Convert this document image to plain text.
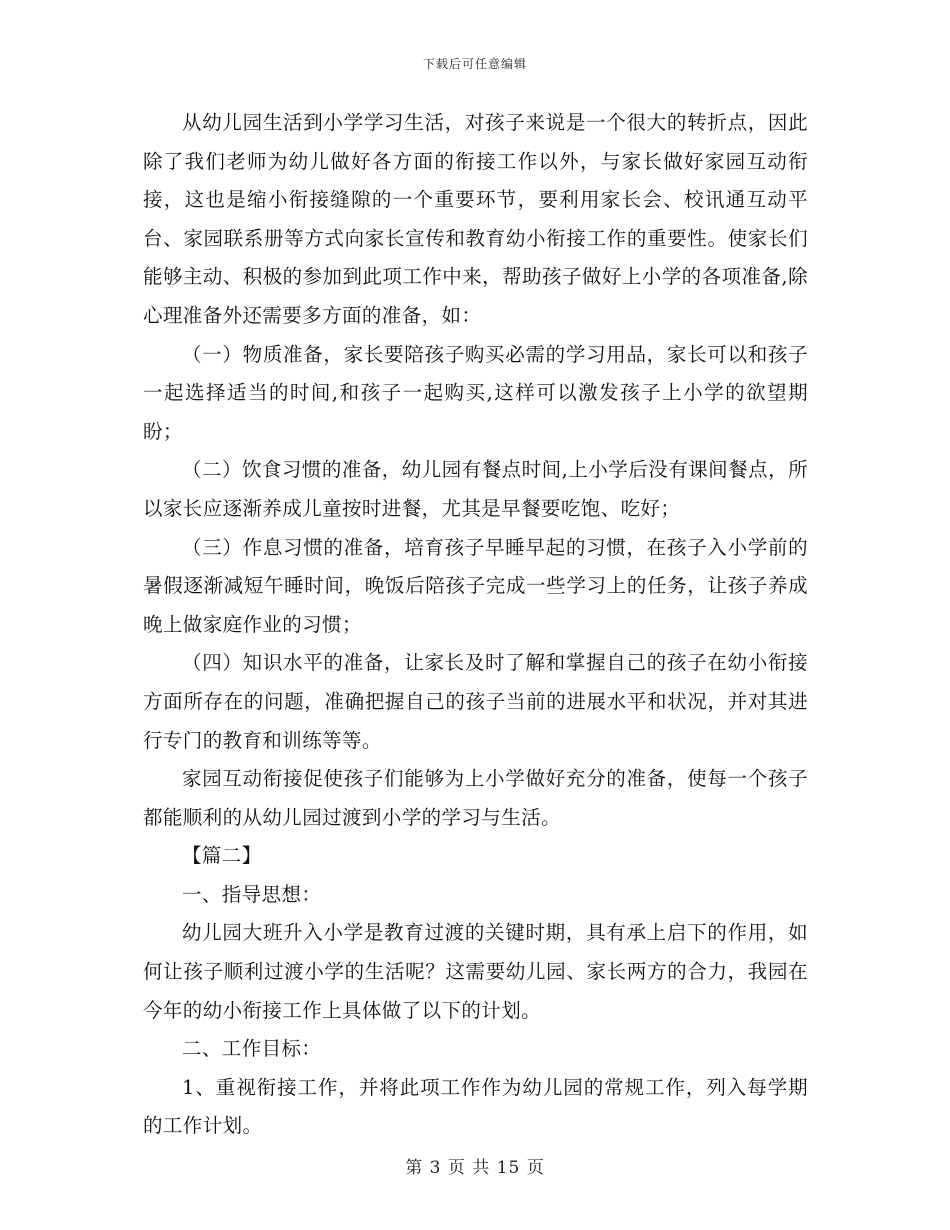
下载后可任意编辑

从幼儿园生活到小学学习生活，对孩子来说是一个很大的转折点，因此除了我们老师为幼儿做好各方面的衔接工作以外，与家长做好家园互动衔接，这也是缩小衔接缝隙的一个重要环节，要利用家长会、校讯通互动平台、家园联系册等方式向家长宣传和教育幼小衔接工作的重要性。使家长们能够主动、积极的参加到此项工作中来，帮助孩子做好上小学的各项准备,除心理准备外还需要多方面的准备，如：

（一）物质准备，家长要陪孩子购买必需的学习用品，家长可以和孩子一起选择适当的时间,和孩子一起购买,这样可以激发孩子上小学的欲望期盼；

（二）饮食习惯的准备，幼儿园有餐点时间,上小学后没有课间餐点，所以家长应逐渐养成儿童按时进餐，尤其是早餐要吃饱、吃好；

（三）作息习惯的准备，培育孩子早睡早起的习惯，在孩子入小学前的暑假逐渐减短午睡时间，晚饭后陪孩子完成一些学习上的任务，让孩子养成晚上做家庭作业的习惯；

（四）知识水平的准备，让家长及时了解和掌握自己的孩子在幼小衔接方面所存在的问题，准确把握自己的孩子当前的进展水平和状况，并对其进行专门的教育和训练等等。

家园互动衔接促使孩子们能够为上小学做好充分的准备，使每一个孩子都能顺利的从幼儿园过渡到小学的学习与生活。

【篇二】

一、指导思想：

幼儿园大班升入小学是教育过渡的关键时期，具有承上启下的作用，如何让孩子顺利过渡小学的生活呢？这需要幼儿园、家长两方的合力，我园在今年的幼小衔接工作上具体做了以下的计划。

二、工作目标：

1、重视衔接工作，并将此项工作作为幼儿园的常规工作，列入每学期的工作计划。

第 3 页 共 15 页
